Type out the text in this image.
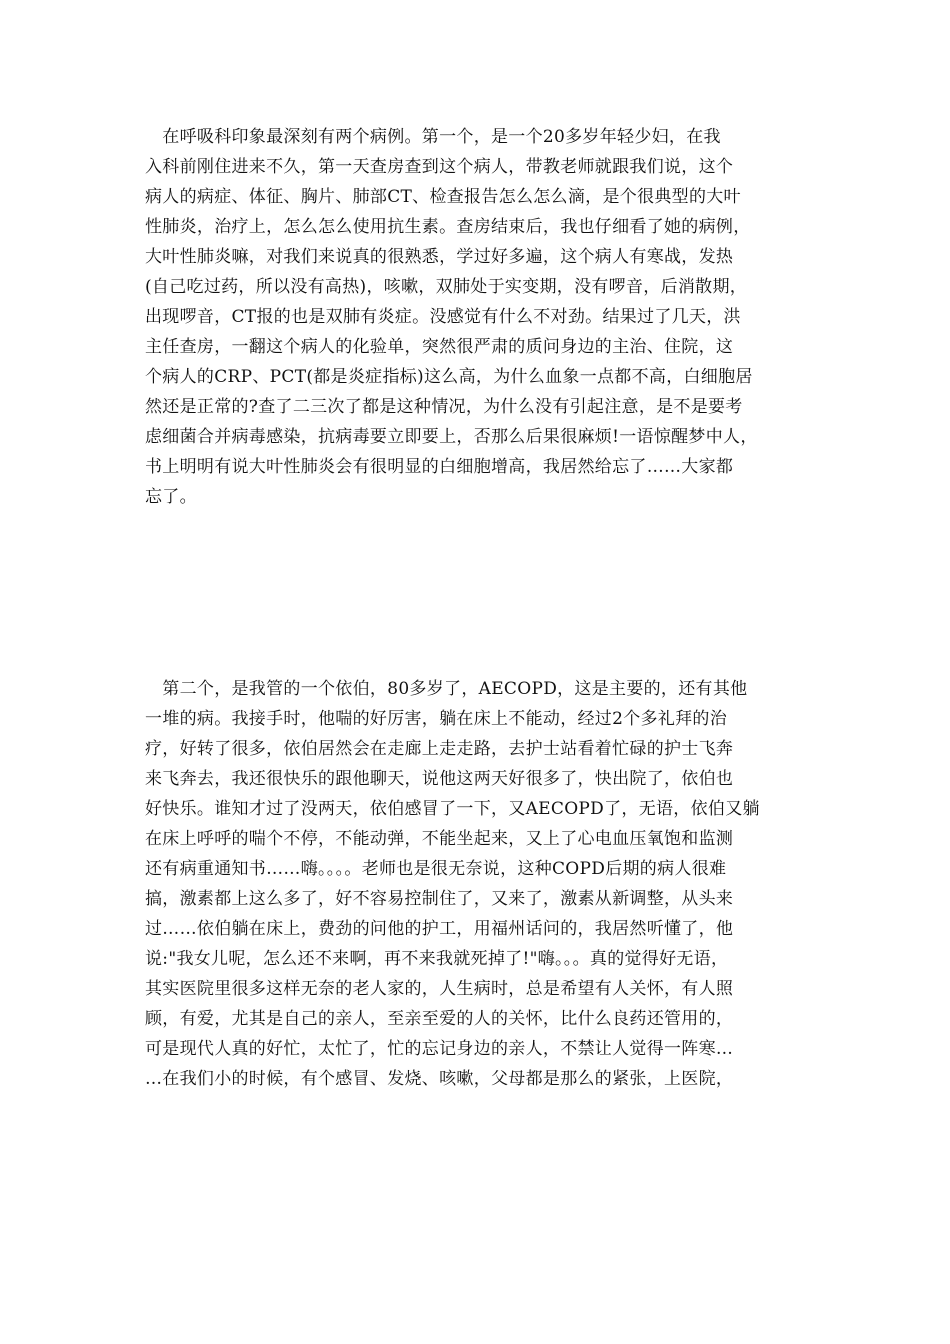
　在呼吸科印象最深刻有两个病例。第一个，是一个20多岁年轻少妇，在我
入科前刚住进来不久，第一天查房查到这个病人，带教老师就跟我们说，这个
病人的病症、体征、胸片、肺部CT、检查报告怎么怎么滴，是个很典型的大叶
性肺炎，治疗上，怎么怎么使用抗生素。查房结束后，我也仔细看了她的病例，
大叶性肺炎嘛，对我们来说真的很熟悉，学过好多遍，这个病人有寒战，发热
(自己吃过药，所以没有高热)，咳嗽，双肺处于实变期，没有啰音，后消散期，
出现啰音，CT报的也是双肺有炎症。没感觉有什么不对劲。结果过了几天，洪
主任查房，一翻这个病人的化验单，突然很严肃的质问身边的主治、住院，这
个病人的CRP、PCT(都是炎症指标)这么高，为什么血象一点都不高，白细胞居
然还是正常的?查了二三次了都是这种情况，为什么没有引起注意，是不是要考
虑细菌合并病毒感染，抗病毒要立即要上，否那么后果很麻烦!一语惊醒梦中人，
书上明明有说大叶性肺炎会有很明显的白细胞增高，我居然给忘了……大家都
忘了。
　第二个，是我管的一个依伯，80多岁了，AECOPD，这是主要的，还有其他
一堆的病。我接手时，他喘的好厉害，躺在床上不能动，经过2个多礼拜的治
疗，好转了很多，依伯居然会在走廊上走走路，去护士站看着忙碌的护士飞奔
来飞奔去，我还很快乐的跟他聊天，说他这两天好很多了，快出院了，依伯也
好快乐。谁知才过了没两天，依伯感冒了一下，又AECOPD了，无语，依伯又躺
在床上呼呼的喘个不停，不能动弹，不能坐起来，又上了心电血压氧饱和监测
还有病重通知书……嗨。。。。老师也是很无奈说，这种COPD后期的病人很难
搞，激素都上这么多了，好不容易控制住了，又来了，激素从新调整，从头来
过……依伯躺在床上，费劲的问他的护工，用福州话问的，我居然听懂了，他
说:"我女儿呢，怎么还不来啊，再不来我就死掉了!"嗨。。。真的觉得好无语，
其实医院里很多这样无奈的老人家的，人生病时，总是希望有人关怀，有人照
顾，有爱，尤其是自己的亲人，至亲至爱的人的关怀，比什么良药还管用的，
可是现代人真的好忙，太忙了，忙的忘记身边的亲人，不禁让人觉得一阵寒…
…在我们小的时候，有个感冒、发烧、咳嗽，父母都是那么的紧张，上医院，
